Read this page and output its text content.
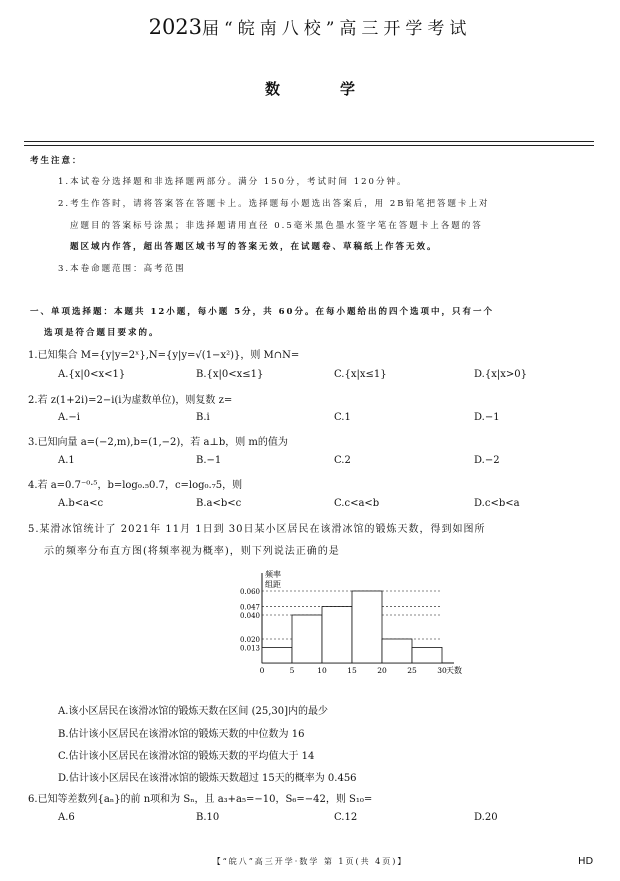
2023届“皖南八校”高三开学考试
数学
考生注意：
1.本试卷分选择题和非选择题两部分。满分 150分，考试时间 120分钟。
2.考生作答时，请将答案答在答题卡上。选择题每小题选出答案后，用 2B铅笔把答题卡上对
应题目的答案标号涂黑；非选择题请用直径 0.5毫米黑色墨水签字笔在答题卡上各题的答
题区域内作答，超出答题区域书写的答案无效，在试题卷、草稿纸上作答无效。
3.本卷命题范围：高考范围
一、单项选择题：本题共 12小题，每小题 5分，共 60分。在每小题给出的四个选项中，只有一个
选项是符合题目要求的。
1.已知集合 M={y|y=2ˣ},N={y|y=√(1−x²)}，则 M∩N=
A.{x|0<x<1}	B.{x|0<x≤1}	C.{x|x≤1}	D.{x|x>0}
2.若 z(1+2i)=2−i(i为虚数单位)，则复数 z=
A.−i	B.i	C.1	D.−1
3.已知向量 a=(−2,m),b=(1,−2)，若 a⊥b，则 m的值为
A.1	B.−1	C.2	D.−2
4.若 a=0.7⁻⁰·⁵，b=log₀.₅0.7，c=log₀.₇5，则
A.b<a<c	B.a<b<c	C.c<a<b	D.c<b<a
5.某滑冰馆统计了 2021年 11月 1日到 30日某小区居民在该滑冰馆的锻炼天数，得到如图所
示的频率分布直方图(将频率视为概率)，则下列说法正确的是
频率
组距
0.060
0.047
0.040
0.020
0.013
0	5	10	15	20	25	30 天数
A.该小区居民在该滑冰馆的锻炼天数在区间 (25,30]内的最少
B.估计该小区居民在该滑冰馆的锻炼天数的中位数为 16
C.估计该小区居民在该滑冰馆的锻炼天数的平均值大于 14
D.估计该小区居民在该滑冰馆的锻炼天数超过 15天的概率为 0.456
6.已知等差数列{aₙ}的前 n项和为 Sₙ，且 a₃+a₅=−10，S₆=−42，则 S₁₀=
A.6	B.10	C.12	D.20
【“皖八”高三开学·数学 第 1页(共 4页)】	HD
